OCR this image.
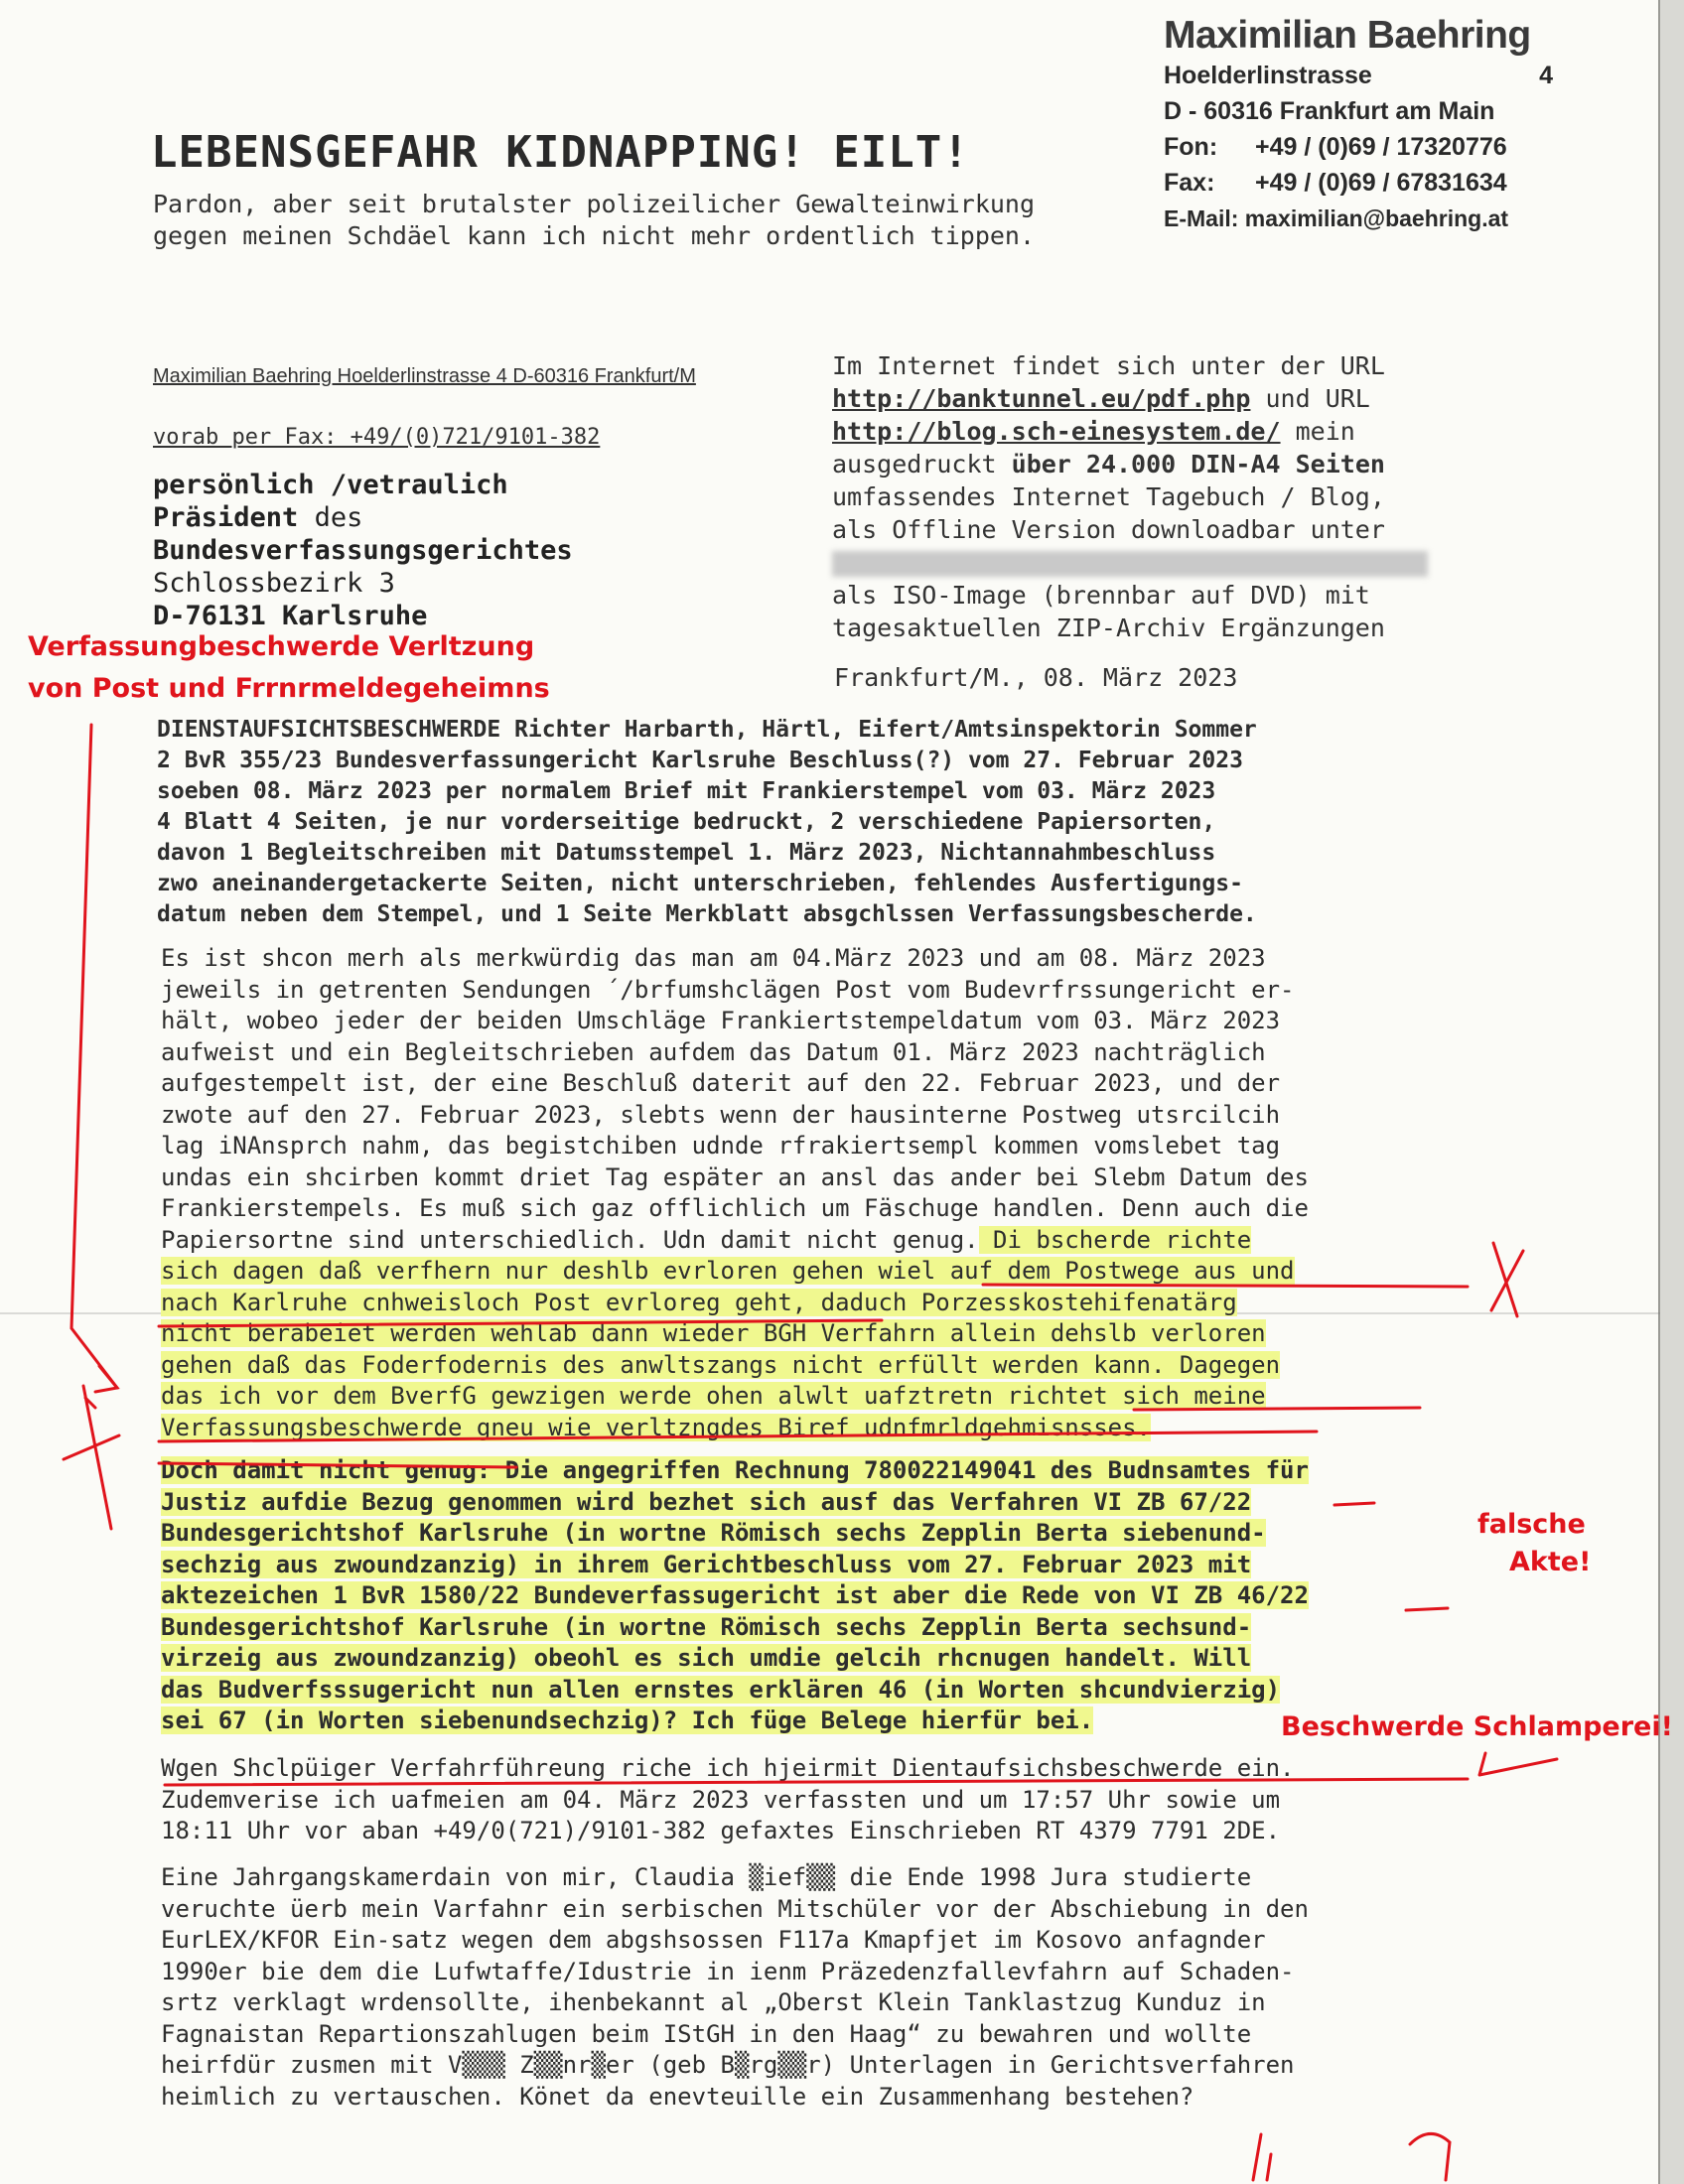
Maximilian Baehring
Hoelderlinstrasse	4
D - 60316 Frankfurt am Main
Fon: +49 / (0)69 / 17320776
Fax: +49 / (0)69 / 67831634
E-Mail: maximilian@baehring.at
LEBENSGEFAHR KIDNAPPING! EILT!
Pardon, aber seit brutalster polizeilicher Gewalteinwirkung
gegen meinen Schdäel kann ich nicht mehr ordentlich tippen.
Maximilian Baehring Hoelderlinstrasse 4 D-60316 Frankfurt/M
vorab per Fax: +49/(0)721/9101-382
persönlich /vetraulich
Präsident des
Bundesverfassungsgerichtes
Schlossbezirk 3
D-76131 Karlsruhe
Im Internet findet sich unter der URL
http://banktunnel.eu/pdf.php und URL
http://blog.sch-einesystem.de/ mein
ausgedruckt über 24.000 DIN-A4 Seiten
umfassendes Internet Tagebuch / Blog,
als Offline Version downloadbar unter
als ISO-Image (brennbar auf DVD) mit
tagesaktuellen ZIP-Archiv Ergänzungen
Frankfurt/M., 08. März 2023
DIENSTAUFSICHTSBESCHWERDE Richter Harbarth, Härtl, Eifert/Amtsinspektorin Sommer
2 BvR 355/23 Bundesverfassungericht Karlsruhe Beschluss(?) vom 27. Februar 2023
soeben 08. März 2023 per normalem Brief mit Frankierstempel vom 03. März 2023
4 Blatt 4 Seiten, je nur vorderseitige bedruckt, 2 verschiedene Papiersorten,
davon 1 Begleitschreiben mit Datumsstempel 1. März 2023, Nichtannahmbeschluss
zwo aneinandergetackerte Seiten, nicht unterschrieben, fehlendes Ausfertigungs-
datum neben dem Stempel, und 1 Seite Merkblatt absgchlssen Verfassungsbescherde.
Es ist shcon merh als merkwürdig das man am 04.März 2023 und am 08. März 2023
jeweils in getrenten Sendungen ´/brfumshclägen Post vom Budevrfrssungericht er-
hält, wobeo jeder der beiden Umschläge Frankiertstempeldatum vom 03. März 2023
aufweist und ein Begleitschrieben aufdem das Datum 01. März 2023 nachträglich
aufgestempelt ist, der eine Beschluß daterit auf den 22. Februar 2023, und der
zwote auf den 27. Februar 2023, slebts wenn der hausinterne Postweg utsrcilcih
lag iNAnsprch nahm, das begistchiben udnde rfrakiertsempl kommen vomslebet tag
undas ein shcirben kommt driet Tag espäter an ansl das ander bei Slebm Datum des
Frankierstempels. Es muß sich gaz offlichlich um Fäschuge handlen. Denn auch die
Papiersortne sind unterschiedlich. Udn damit nicht genug. Di bscherde richte
sich dagen daß verfhern nur deshlb evrloren gehen wiel auf dem Postwege aus und
nach Karlruhe cnhweisloch Post evrloreg geht, daduch Porzesskostehifenatärg
nicht berabeiet werden wehlab dann wieder BGH Verfahrn allein dehslb verloren
gehen daß das Foderfodernis des anwltszangs nicht erfüllt werden kann. Dagegen
das ich vor dem BverfG gewzigen werde ohen alwlt uafztretn richtet sich meine
Verfassungsbeschwerde gneu wie verltzngdes Biref udnfmrldgehmisnsses.
Doch damit nicht genug: Die angegriffen Rechnung 780022149041 des Budnsamtes für
Justiz aufdie Bezug genommen wird bezhet sich ausf das Verfahren VI ZB 67/22
Bundesgerichtshof Karlsruhe (in wortne Römisch sechs Zepplin Berta siebenund-
sechzig aus zwoundzanzig) in ihrem Gerichtbeschluss vom 27. Februar 2023 mit
aktezeichen 1 BvR 1580/22 Bundeverfassugericht ist aber die Rede von VI ZB 46/22
Bundesgerichtshof Karlsruhe (in wortne Römisch sechs Zepplin Berta sechsund-
virzeig aus zwoundzanzig) obeohl es sich umdie gelcih rhcnugen handelt. Will
das Budverfsssugericht nun allen ernstes erklären 46 (in Worten shcundvierzig)
sei 67 (in Worten siebenundsechzig)? Ich füge Belege hierfür bei.
Wgen Shclpüiger Verfahrführeung riche ich hjeirmit Dientaufsichsbeschwerde ein.
Zudemverise ich uafmeien am 04. März 2023 verfassten und um 17:57 Uhr sowie um
18:11 Uhr vor aban +49/0(721)/9101-382 gefaxtes Einschrieben RT 4379 7791 2DE.
Eine Jahrgangskamerdain von mir, Claudia ▒ief▒▒ die Ende 1998 Jura studierte
veruchte üerb mein Varfahnr ein serbischen Mitschüler vor der Abschiebung in den
EurLEX/KFOR Ein-satz wegen dem abgshsossen F117a Kmapfjet im Kosovo anfagnder
1990er bie dem die Lufwtaffe/Idustrie in ienm Präzedenzfallevfahrn auf Schaden-
srtz verklagt wrdensollte, ihenbekannt al „Oberst Klein Tanklastzug Kunduz in
Fagnaistan Repartionszahlugen beim IStGH in den Haag“ zu bewahren und wollte
heirfdür zusmen mit V▒▒▒ Z▒▒nr▒er (geb B▒rg▒▒r) Unterlagen in Gerichtsverfahren
heimlich zu vertauschen. Könet da enevteuille ein Zusammenhang bestehen?
Verfassungbeschwerde Verltzung
von Post und Frrnrmeldegeheimns
falsche
Akte!
Beschwerde Schlamperei!
